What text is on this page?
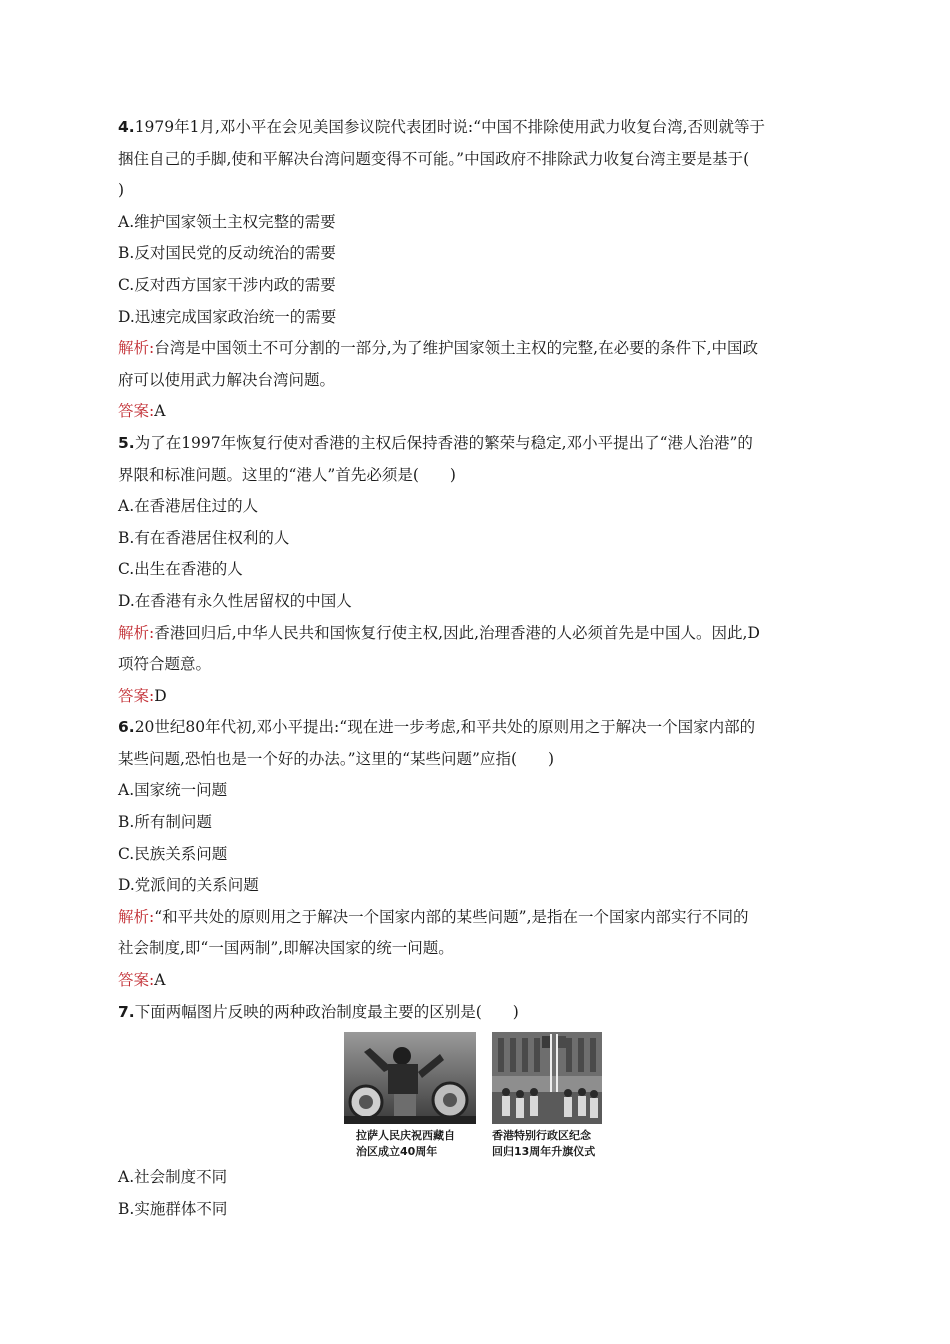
4.1979年1月,邓小平在会见美国参议院代表团时说:“中国不排除使用武力收复台湾,否则就等于
捆住自己的手脚,使和平解决台湾问题变得不可能。”中国政府不排除武力收复台湾主要是基于(
)
A.维护国家领土主权完整的需要
B.反对国民党的反动统治的需要
C.反对西方国家干涉内政的需要
D.迅速完成国家政治统一的需要
解析:台湾是中国领土不可分割的一部分,为了维护国家领土主权的完整,在必要的条件下,中国政
府可以使用武力解决台湾问题。
答案:A
5.为了在1997年恢复行使对香港的主权后保持香港的繁荣与稳定,邓小平提出了“港人治港”的
界限和标准问题。这里的“港人”首先必须是(　　)
A.在香港居住过的人
B.有在香港居住权利的人
C.出生在香港的人
D.在香港有永久性居留权的中国人
解析:香港回归后,中华人民共和国恢复行使主权,因此,治理香港的人必须首先是中国人。因此,D
项符合题意。
答案:D
6.20世纪80年代初,邓小平提出:“现在进一步考虑,和平共处的原则用之于解决一个国家内部的
某些问题,恐怕也是一个好的办法。”这里的“某些问题”应指(　　)
A.国家统一问题
B.所有制问题
C.民族关系问题
D.党派间的关系问题
解析:“和平共处的原则用之于解决一个国家内部的某些问题”,是指在一个国家内部实行不同的
社会制度,即“一国两制”,即解决国家的统一问题。
答案:A
7.下面两幅图片反映的两种政治制度最主要的区别是(　　)
拉萨人民庆祝西藏自
治区成立40周年
香港特别行政区纪念
回归13周年升旗仪式
A.社会制度不同
B.实施群体不同
